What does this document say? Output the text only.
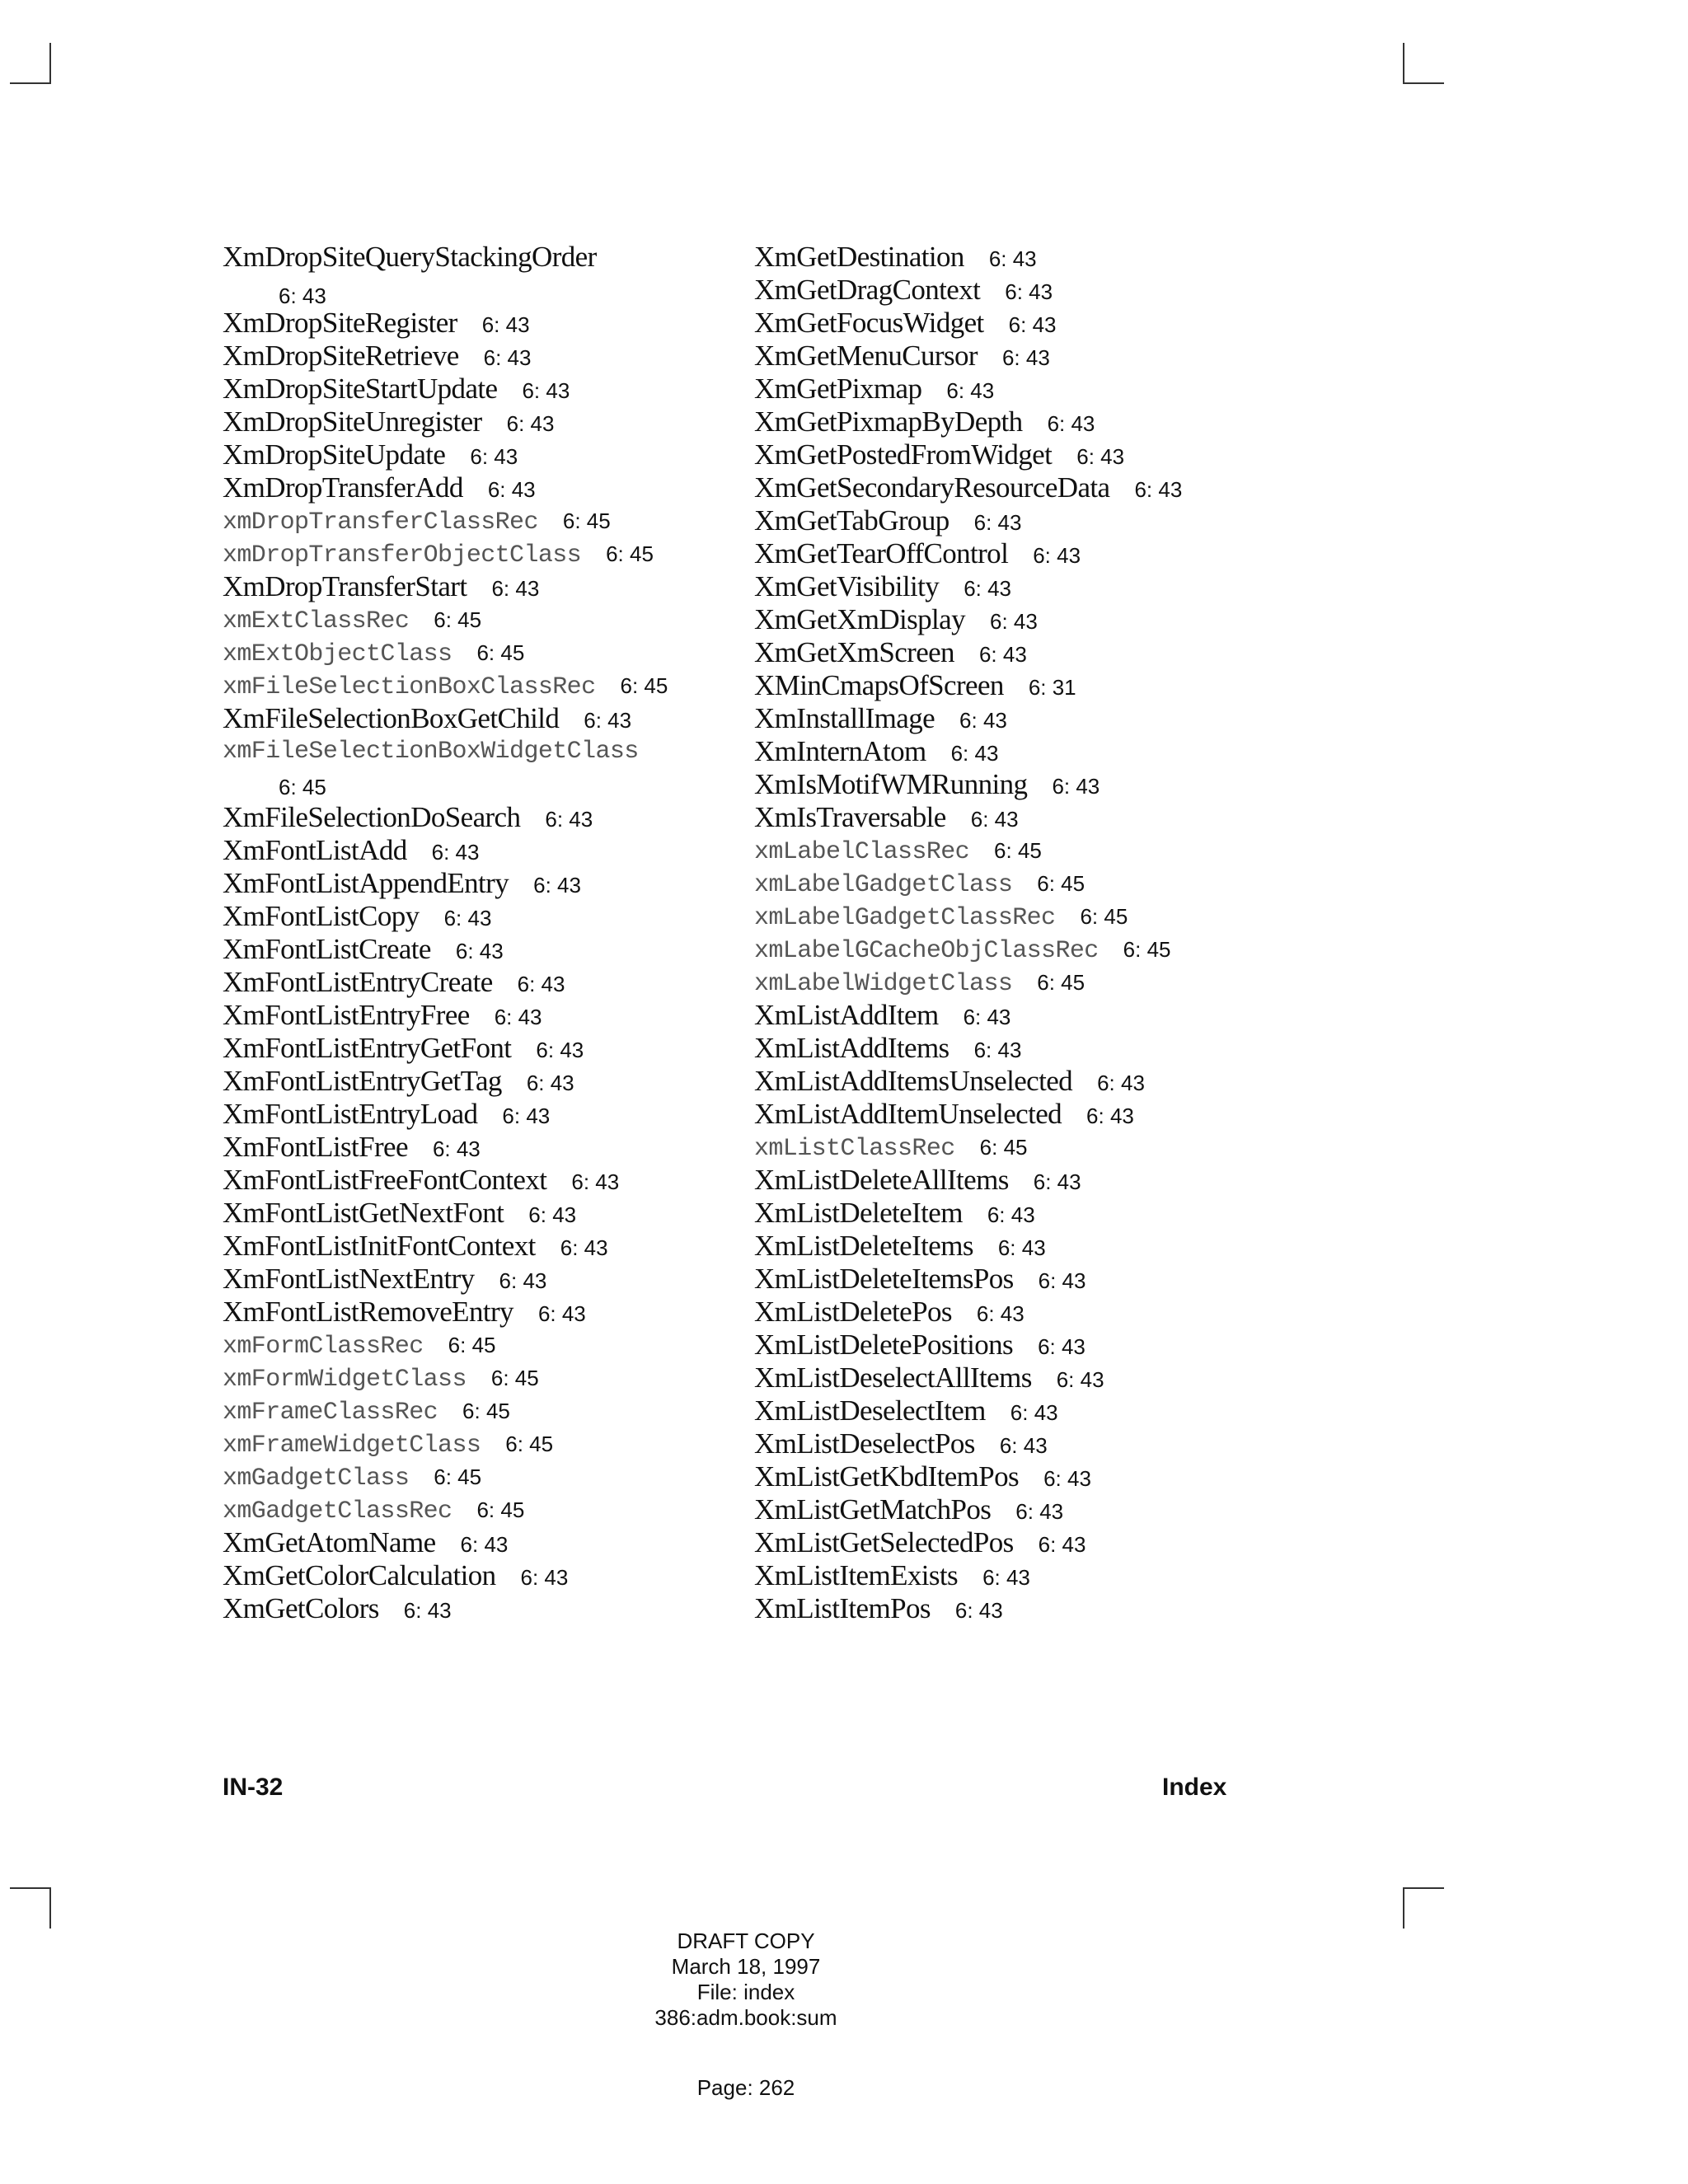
XmDropSiteQueryStackingOrder
6: 43
XmDropSiteRegister 6: 43
XmDropSiteRetrieve 6: 43
XmDropSiteStartUpdate 6: 43
XmDropSiteUnregister 6: 43
XmDropSiteUpdate 6: 43
XmDropTransferAdd 6: 43
xmDropTransferClassRec 6: 45
xmDropTransferObjectClass 6: 45
XmDropTransferStart 6: 43
xmExtClassRec 6: 45
xmExtObjectClass 6: 45
xmFileSelectionBoxClassRec 6: 45
XmFileSelectionBoxGetChild 6: 43
xmFileSelectionBoxWidgetClass
6: 45
XmFileSelectionDoSearch 6: 43
XmFontListAdd 6: 43
XmFontListAppendEntry 6: 43
XmFontListCopy 6: 43
XmFontListCreate 6: 43
XmFontListEntryCreate 6: 43
XmFontListEntryFree 6: 43
XmFontListEntryGetFont 6: 43
XmFontListEntryGetTag 6: 43
XmFontListEntryLoad 6: 43
XmFontListFree 6: 43
XmFontListFreeFontContext 6: 43
XmFontListGetNextFont 6: 43
XmFontListInitFontContext 6: 43
XmFontListNextEntry 6: 43
XmFontListRemoveEntry 6: 43
xmFormClassRec 6: 45
xmFormWidgetClass 6: 45
xmFrameClassRec 6: 45
xmFrameWidgetClass 6: 45
xmGadgetClass 6: 45
xmGadgetClassRec 6: 45
XmGetAtomName 6: 43
XmGetColorCalculation 6: 43
XmGetColors 6: 43
XmGetDestination 6: 43
XmGetDragContext 6: 43
XmGetFocusWidget 6: 43
XmGetMenuCursor 6: 43
XmGetPixmap 6: 43
XmGetPixmapByDepth 6: 43
XmGetPostedFromWidget 6: 43
XmGetSecondaryResourceData 6: 43
XmGetTabGroup 6: 43
XmGetTearOffControl 6: 43
XmGetVisibility 6: 43
XmGetXmDisplay 6: 43
XmGetXmScreen 6: 43
XMinCmapsOfScreen 6: 31
XmInstallImage 6: 43
XmInternAtom 6: 43
XmIsMotifWMRunning 6: 43
XmIsTraversable 6: 43
xmLabelClassRec 6: 45
xmLabelGadgetClass 6: 45
xmLabelGadgetClassRec 6: 45
xmLabelGCacheObjClassRec 6: 45
xmLabelWidgetClass 6: 45
XmListAddItem 6: 43
XmListAddItems 6: 43
XmListAddItemsUnselected 6: 43
XmListAddItemUnselected 6: 43
xmListClassRec 6: 45
XmListDeleteAllItems 6: 43
XmListDeleteItem 6: 43
XmListDeleteItems 6: 43
XmListDeleteItemsPos 6: 43
XmListDeletePos 6: 43
XmListDeletePositions 6: 43
XmListDeselectAllItems 6: 43
XmListDeselectItem 6: 43
XmListDeselectPos 6: 43
XmListGetKbdItemPos 6: 43
XmListGetMatchPos 6: 43
XmListGetSelectedPos 6: 43
XmListItemExists 6: 43
XmListItemPos 6: 43
IN-32	Index
DRAFT COPY
March 18, 1997
File: index
386:adm.book:sum
Page: 262
